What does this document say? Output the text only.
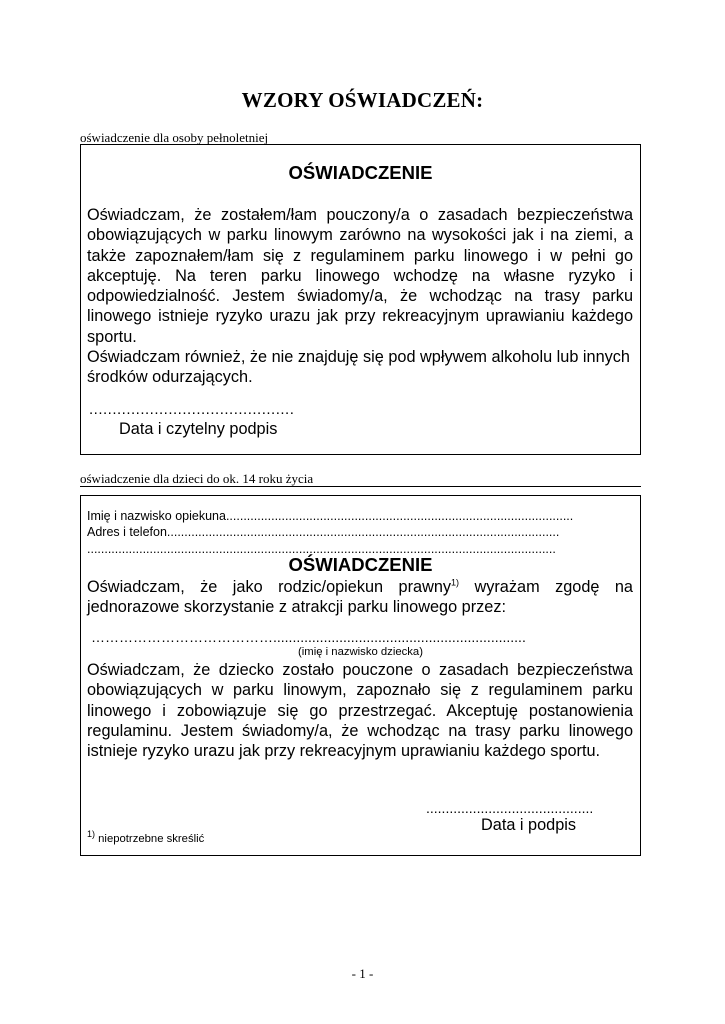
WZORY OŚWIADCZEŃ:
oświadczenie dla osoby pełnoletniej
OŚWIADCZENIE
Oświadczam, że zostałem/łam pouczony/a o zasadach bezpieczeństwa obowiązujących w parku linowym zarówno na wysokości jak i na ziemi, a także zapoznałem/łam się z regulaminem parku linowego i w pełni go akceptuję. Na teren parku linowego wchodzę na własne ryzyko i odpowiedzialność. Jestem świadomy/a, że wchodząc na trasy parku linowego istnieje ryzyko urazu jak przy rekreacyjnym uprawianiu każdego sportu.
Oświadczam również, że nie znajduję się pod wpływem alkoholu lub innych środków odurzających.
............................................
Data i czytelny podpis
oświadczenie dla dzieci do ok. 14 roku życia
Imię i nazwisko opiekuna....................................................................................................
Adres i telefon.................................................................................................................
.......................................................................................................................................
OŚWIADCZENIE
Oświadczam, że jako rodzic/opiekun prawny$^{1)}$ wyrażam zgodę na jednorazowe skorzystanie z atrakcji parku linowego przez:
………………………………….................................................................
(imię i nazwisko dziecka)
Oświadczam, że dziecko zostało pouczone o zasadach bezpieczeństwa obowiązujących w parku linowym, zapoznało się z regulaminem parku linowego i zobowiązuje się go przestrzegać. Akceptuję postanowienia regulaminu. Jestem świadomy/a, że wchodząc na trasy parku linowego istnieje ryzyko urazu jak przy rekreacyjnym uprawianiu każdego sportu.
...........................................
Data i podpis
$^{1)}$ niepotrzebne skreślić
- 1 -
